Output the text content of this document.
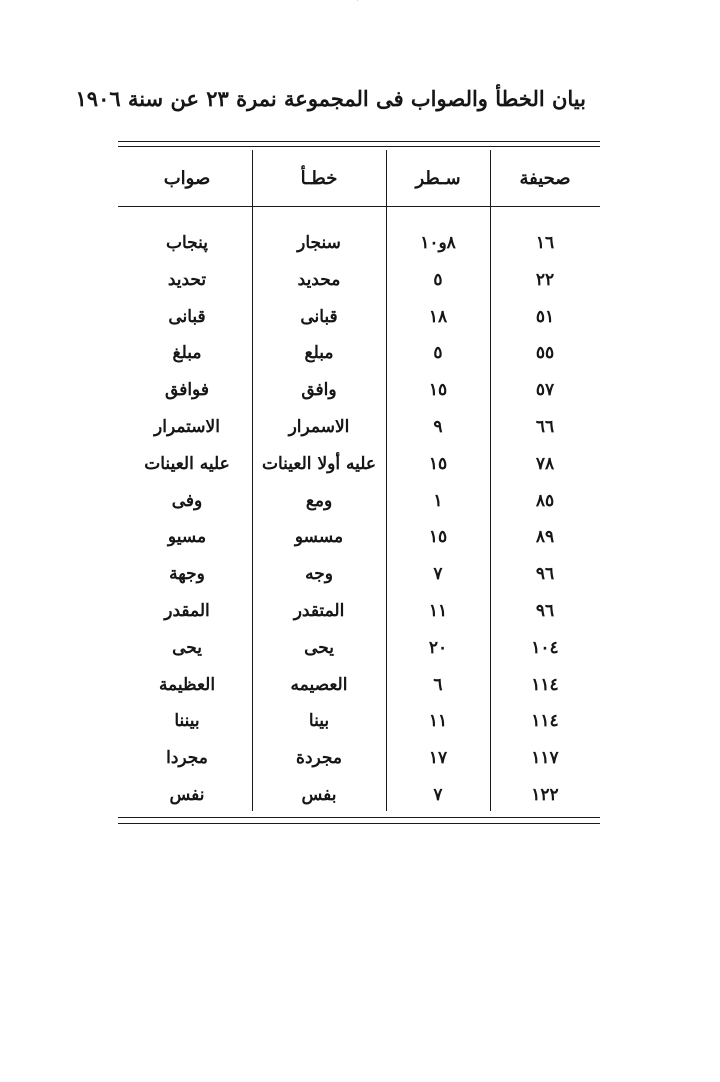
بيان الخطأ والصواب فى المجموعة نمرة ٢٣ عن سنة ١٩٠٦
صحيفة
سـطر
خطـأ
صواب
١٦
٨و١٠
سنجار
پنجاب
٢٢
٥
محديد
تحديد
٥١
١٨
قبانى
قبانى
٥٥
٥
مبلع
مبلغ
٥٧
١٥
وافق
فوافق
٦٦
٩
الاسمرار
الاستمرار
٧٨
١٥
عليه أولا العينات
عليه العينات
٨٥
١
ومع
وفى
٨٩
١٥
مسسو
مسيو
٩٦
٧
وجه
وجهة
٩٦
١١
المتقدر
المقدر
١٠٤
٢٠
يحى
يحى
١١٤
٦
العصيمه
العظيمة
١١٤
١١
بينا
بيننا
١١٧
١٧
مجردة
مجردا
١٢٢
٧
بفس
نفس
